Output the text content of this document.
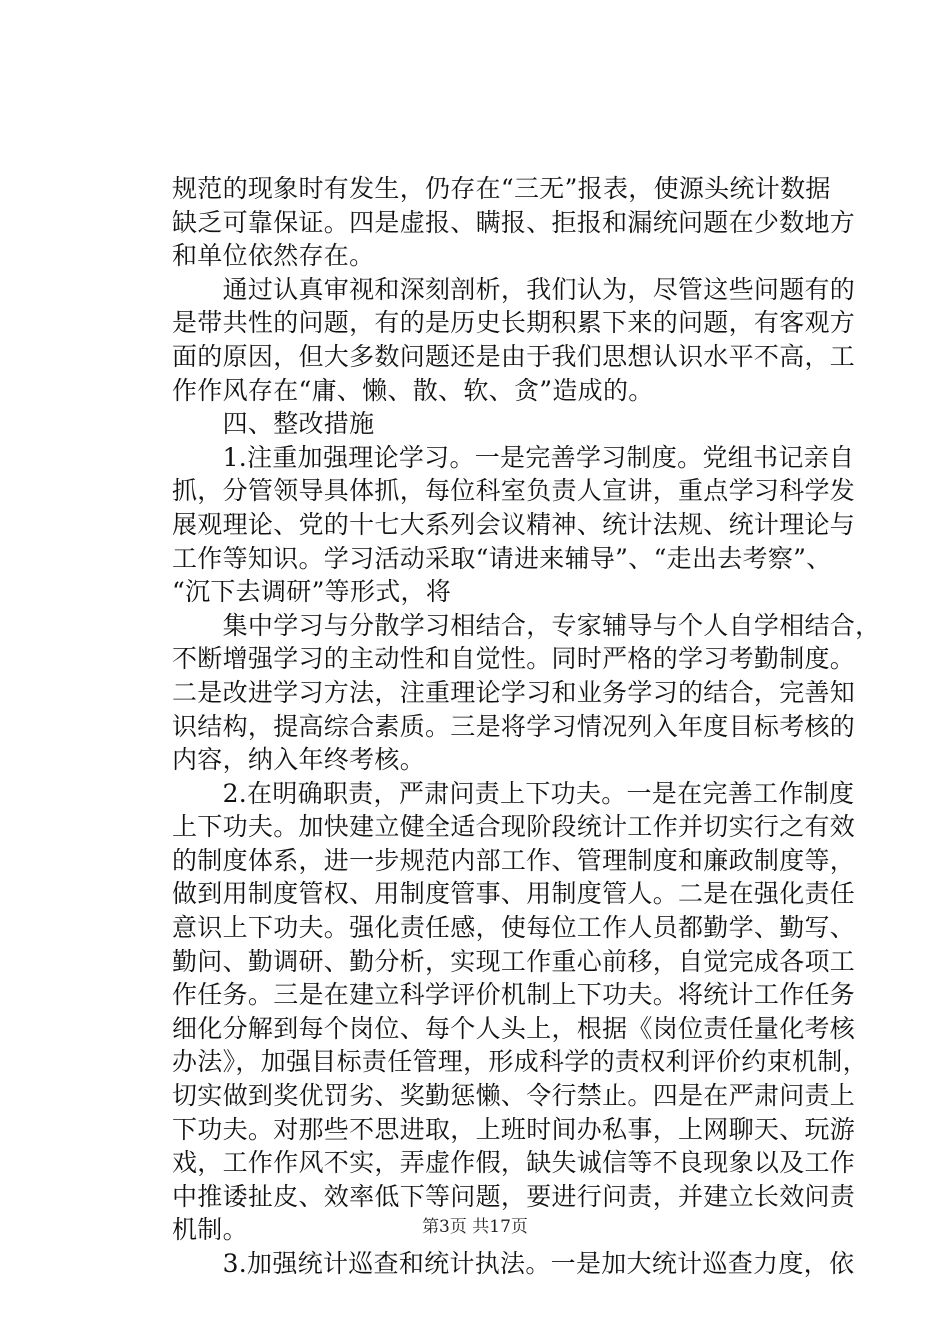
规范的现象时有发生，仍存在“三无”报表，使源头统计数据
缺乏可靠保证。四是虚报、瞒报、拒报和漏统问题在少数地方
和单位依然存在。
　　通过认真审视和深刻剖析，我们认为，尽管这些问题有的
是带共性的问题，有的是历史长期积累下来的问题，有客观方
面的原因，但大多数问题还是由于我们思想认识水平不高，工
作作风存在“庸、懒、散、软、贪”造成的。
　　四、整改措施
　　1.注重加强理论学习。一是完善学习制度。党组书记亲自
抓，分管领导具体抓，每位科室负责人宣讲，重点学习科学发
展观理论、党的十七大系列会议精神、统计法规、统计理论与
工作等知识。学习活动采取“请进来辅导”、“走出去考察”、
“沉下去调研”等形式，将
　　集中学习与分散学习相结合，专家辅导与个人自学相结合，
不断增强学习的主动性和自觉性。同时严格的学习考勤制度。
二是改进学习方法，注重理论学习和业务学习的结合，完善知
识结构，提高综合素质。三是将学习情况列入年度目标考核的
内容，纳入年终考核。
　　2.在明确职责，严肃问责上下功夫。一是在完善工作制度
上下功夫。加快建立健全适合现阶段统计工作并切实行之有效
的制度体系，进一步规范内部工作、管理制度和廉政制度等，
做到用制度管权、用制度管事、用制度管人。二是在强化责任
意识上下功夫。强化责任感，使每位工作人员都勤学、勤写、
勤问、勤调研、勤分析，实现工作重心前移，自觉完成各项工
作任务。三是在建立科学评价机制上下功夫。将统计工作任务
细化分解到每个岗位、每个人头上，根据《岗位责任量化考核
办法》，加强目标责任管理，形成科学的责权利评价约束机制，
切实做到奖优罚劣、奖勤惩懒、令行禁止。四是在严肃问责上
下功夫。对那些不思进取，上班时间办私事，上网聊天、玩游
戏，工作作风不实，弄虚作假，缺失诚信等不良现象以及工作
中推诿扯皮、效率低下等问题，要进行问责，并建立长效问责
机制。
　　3.加强统计巡查和统计执法。一是加大统计巡查力度，依
第3页 共17页
